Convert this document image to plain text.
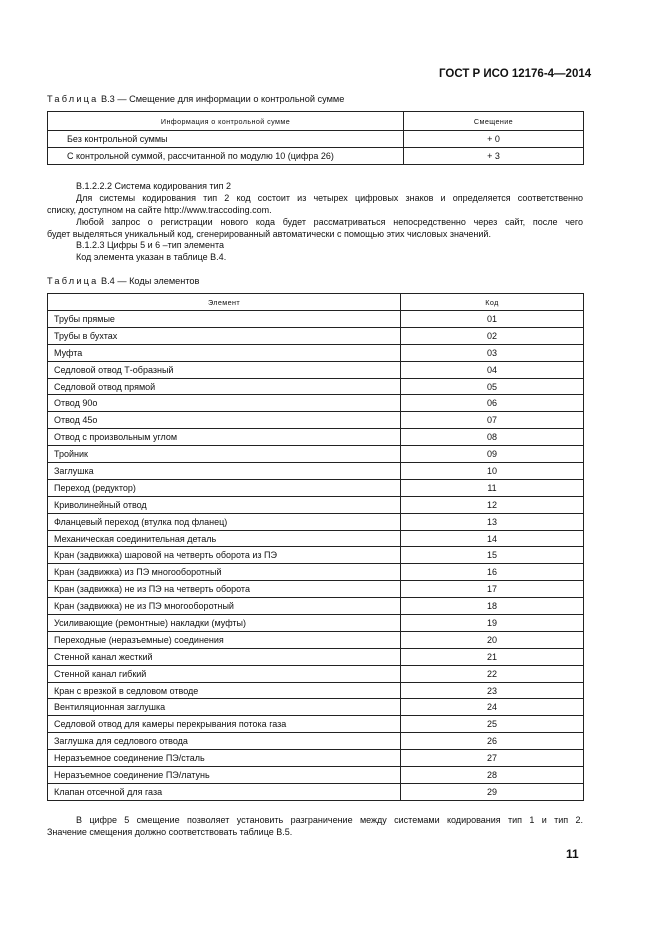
ГОСТ Р ИСО 12176-4—2014
Таблица В.3 — Смещение для информации о контрольной сумме
Информация о контрольной сумме	Смещение
Без контрольной суммы	+ 0
С контрольной суммой, рассчитанной по модулю 10 (цифра 26)	+ 3
В.1.2.2.2 Система кодирования тип 2
Для системы кодирования тип 2 код состоит из четырех цифровых знаков и определяется соответственно
списку, доступном на сайте http://www.traccoding.com.
Любой запрос о регистрации нового кода будет рассматриваться непосредственно через сайт, после чего
будет выделяться уникальный код, сгенерированный автоматически с помощью этих числовых значений.
В.1.2.3 Цифры 5 и 6 –тип элемента
Код элемента указан в таблице В.4.
Таблица В.4 — Коды элементов
Элемент	Код
Трубы прямые	01
Трубы в бухтах	02
Муфта	03
Седловой отвод Т-образный	04
Седловой отвод прямой	05
Отвод 90о	06
Отвод 45о	07
Отвод с произвольным углом	08
Тройник	09
Заглушка	10
Переход (редуктор)	11
Криволинейный отвод	12
Фланцевый переход (втулка под фланец)	13
Механическая соединительная деталь	14
Кран (задвижка) шаровой на четверть оборота из ПЭ	15
Кран (задвижка) из ПЭ многооборотный	16
Кран (задвижка) не из ПЭ на четверть оборота	17
Кран (задвижка) не из ПЭ многооборотный	18
Усиливающие (ремонтные) накладки (муфты)	19
Переходные (неразъемные) соединения	20
Стенной канал жесткий	21
Стенной канал гибкий	22
Кран с врезкой в седловом отводе	23
Вентиляционная заглушка	24
Седловой отвод для камеры перекрывания потока газа	25
Заглушка для седлового отвода	26
Неразъемное соединение ПЭ/сталь	27
Неразъемное соединение ПЭ/латунь	28
Клапан отсечной для газа	29
В цифре 5 смещение позволяет установить разграничение между системами кодирования тип 1 и тип 2.
Значение смещения должно соответствовать таблице В.5.
11
